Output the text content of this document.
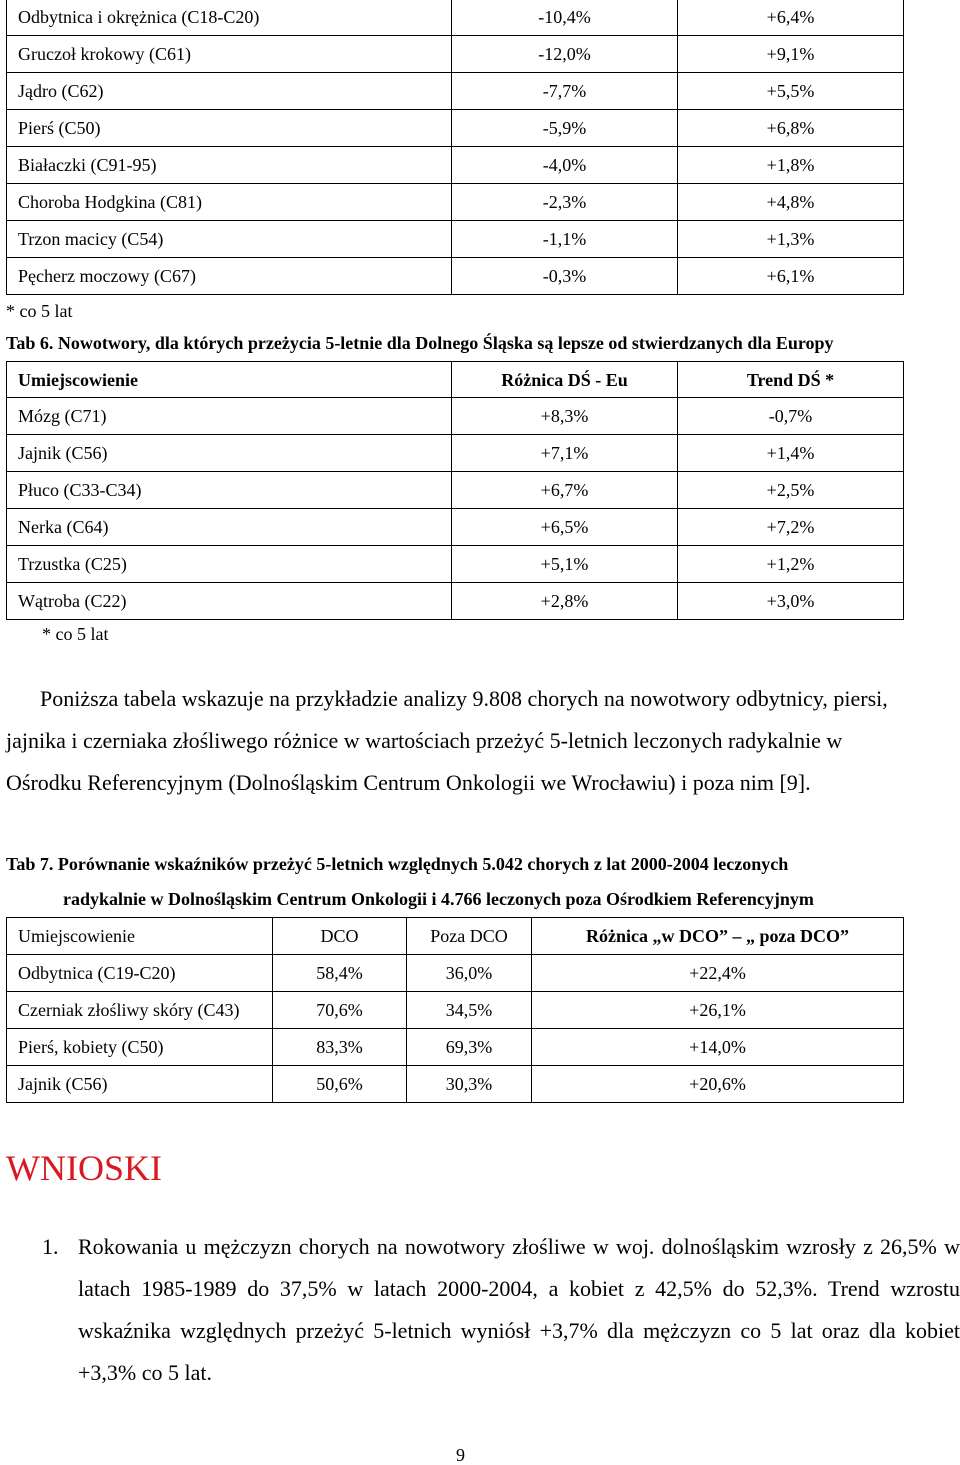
Odbytnica i okrężnica (C18-C20)	-10,4%	+6,4%
Gruczoł krokowy (C61)	-12,0%	+9,1%
Jądro (C62)	-7,7%	+5,5%
Pierś (C50)	-5,9%	+6,8%
Białaczki (C91-95)	-4,0%	+1,8%
Choroba Hodgkina (C81)	-2,3%	+4,8%
Trzon macicy (C54)	-1,1%	+1,3%
Pęcherz moczowy (C67)	-0,3%	+6,1%
* co 5 lat
Tab 6. Nowotwory, dla których przeżycia 5-letnie dla Dolnego Śląska są lepsze od stwierdzanych dla Europy
Umiejscowienie	Różnica DŚ - Eu	Trend DŚ *
Mózg (C71)	+8,3%	-0,7%
Jajnik (C56)	+7,1%	+1,4%
Płuco (C33-C34)	+6,7%	+2,5%
Nerka (C64)	+6,5%	+7,2%
Trzustka (C25)	+5,1%	+1,2%
Wątroba (C22)	+2,8%	+3,0%
* co 5 lat

Poniższa tabela wskazuje na przykładzie analizy 9.808 chorych na nowotwory odbytnicy, piersi,

jajnika i czerniaka złośliwego różnice w wartościach przeżyć 5-letnich leczonych radykalnie w

Ośrodku Referencyjnym (Dolnośląskim Centrum Onkologii we Wrocławiu) i poza nim [9].

Tab 7. Porównanie wskaźników przeżyć 5-letnich względnych 5.042 chorych z lat 2000-2004 leczonych
radykalnie w Dolnośląskim Centrum Onkologii i 4.766 leczonych poza Ośrodkiem Referencyjnym
Umiejscowienie	DCO	Poza DCO	Różnica „w DCO” – „ poza DCO”
Odbytnica (C19-C20)	58,4%	36,0%	+22,4%
Czerniak złośliwy skóry (C43)	70,6%	34,5%	+26,1%
Pierś, kobiety (C50)	83,3%	69,3%	+14,0%
Jajnik (C56)	50,6%	30,3%	+20,6%
WNIOSKI
1. Rokowania u mężczyzn chorych na nowotwory złośliwe w woj. dolnośląskim wzrosły z 26,5% w latach 1985-1989 do 37,5% w latach 2000-2004, a kobiet z 42,5% do 52,3%. Trend wzrostu wskaźnika względnych przeżyć 5-letnich wyniósł +3,7% dla mężczyzn co 5 lat oraz dla kobiet +3,3% co 5 lat.
9
